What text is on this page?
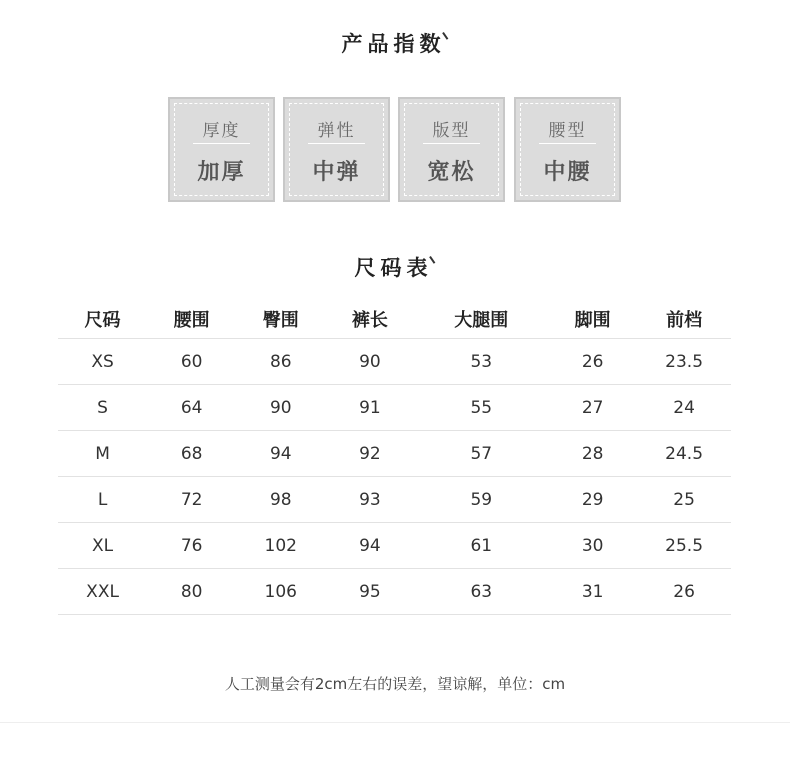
产品指数
厚度
加厚
弹性
中弹
版型
宽松
腰型
中腰
尺码表
尺码	腰围	臀围	裤长	大腿围	脚围	前档
XS	60	86	90	53	26	23.5
S	64	90	91	55	27	24
M	68	94	92	57	28	24.5
L	72	98	93	59	29	25
XL	76	102	94	61	30	25.5
XXL	80	106	95	63	31	26
人工测量会有2cm左右的误差，望谅解，单位：cm
